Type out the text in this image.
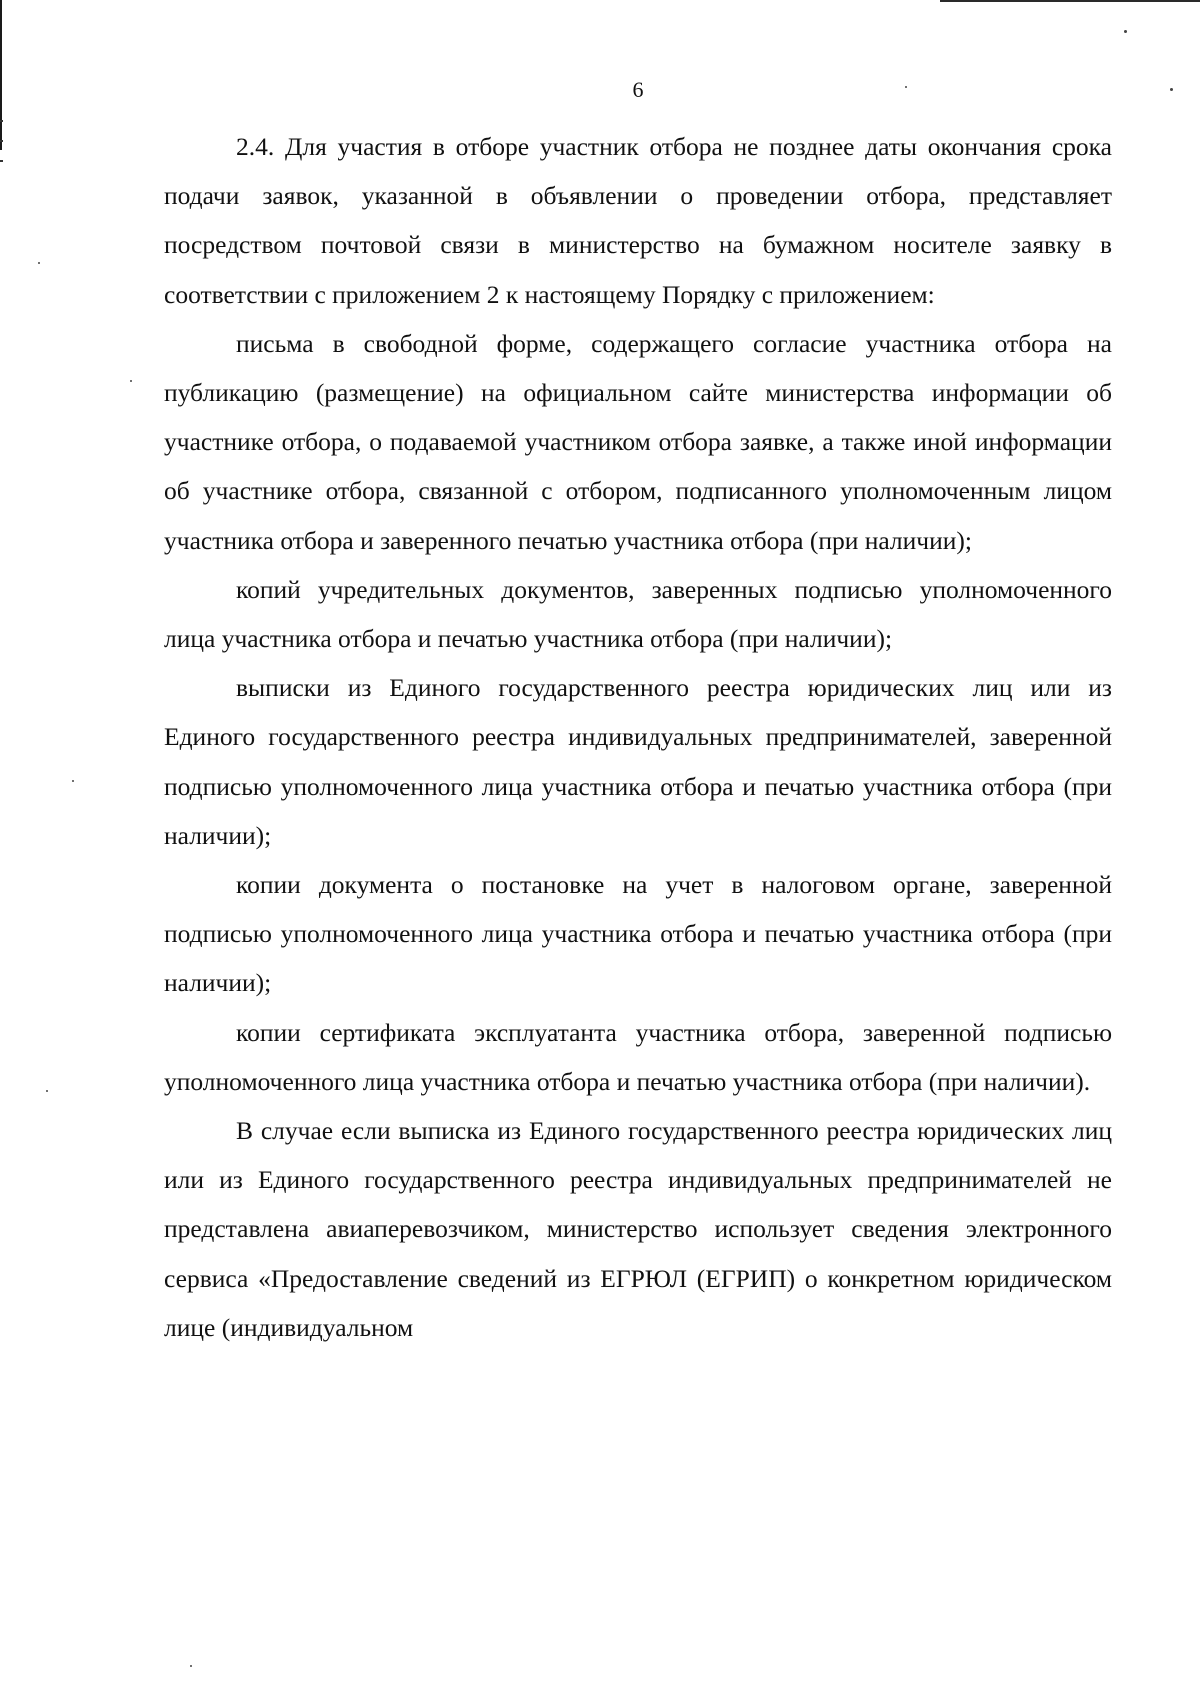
6

2.4. Для участия в отборе участник отбора не позднее даты окончания срока подачи заявок, указанной в объявлении о проведении отбора, представляет посредством почтовой связи в министерство на бумажном носителе заявку в соответствии с приложением 2 к настоящему Порядку с приложением:

письма в свободной форме, содержащего согласие участника отбора на публикацию (размещение) на официальном сайте министерства информации об участнике отбора, о подаваемой участником отбора заявке, а также иной информации об участнике отбора, связанной с отбором, подписанного уполномоченным лицом участника отбора и заверенного печатью участника отбора (при наличии);

копий учредительных документов, заверенных подписью уполномоченного лица участника отбора и печатью участника отбора (при наличии);

выписки из Единого государственного реестра юридических лиц или из Единого государственного реестра индивидуальных предпринимателей, заверенной подписью уполномоченного лица участника отбора и печатью участника отбора (при наличии);

копии документа о постановке на учет в налоговом органе, заверенной подписью уполномоченного лица участника отбора и печатью участника отбора (при наличии);

копии сертификата эксплуатанта участника отбора, заверенной подписью уполномоченного лица участника отбора и печатью участника отбора (при наличии).

В случае если выписка из Единого государственного реестра юридических лиц или из Единого государственного реестра индивидуальных предпринимателей не представлена авиаперевозчиком, министерство использует сведения электронного сервиса «Предоставление сведений из ЕГРЮЛ (ЕГРИП) о конкретном юридическом лице (индивидуальном
